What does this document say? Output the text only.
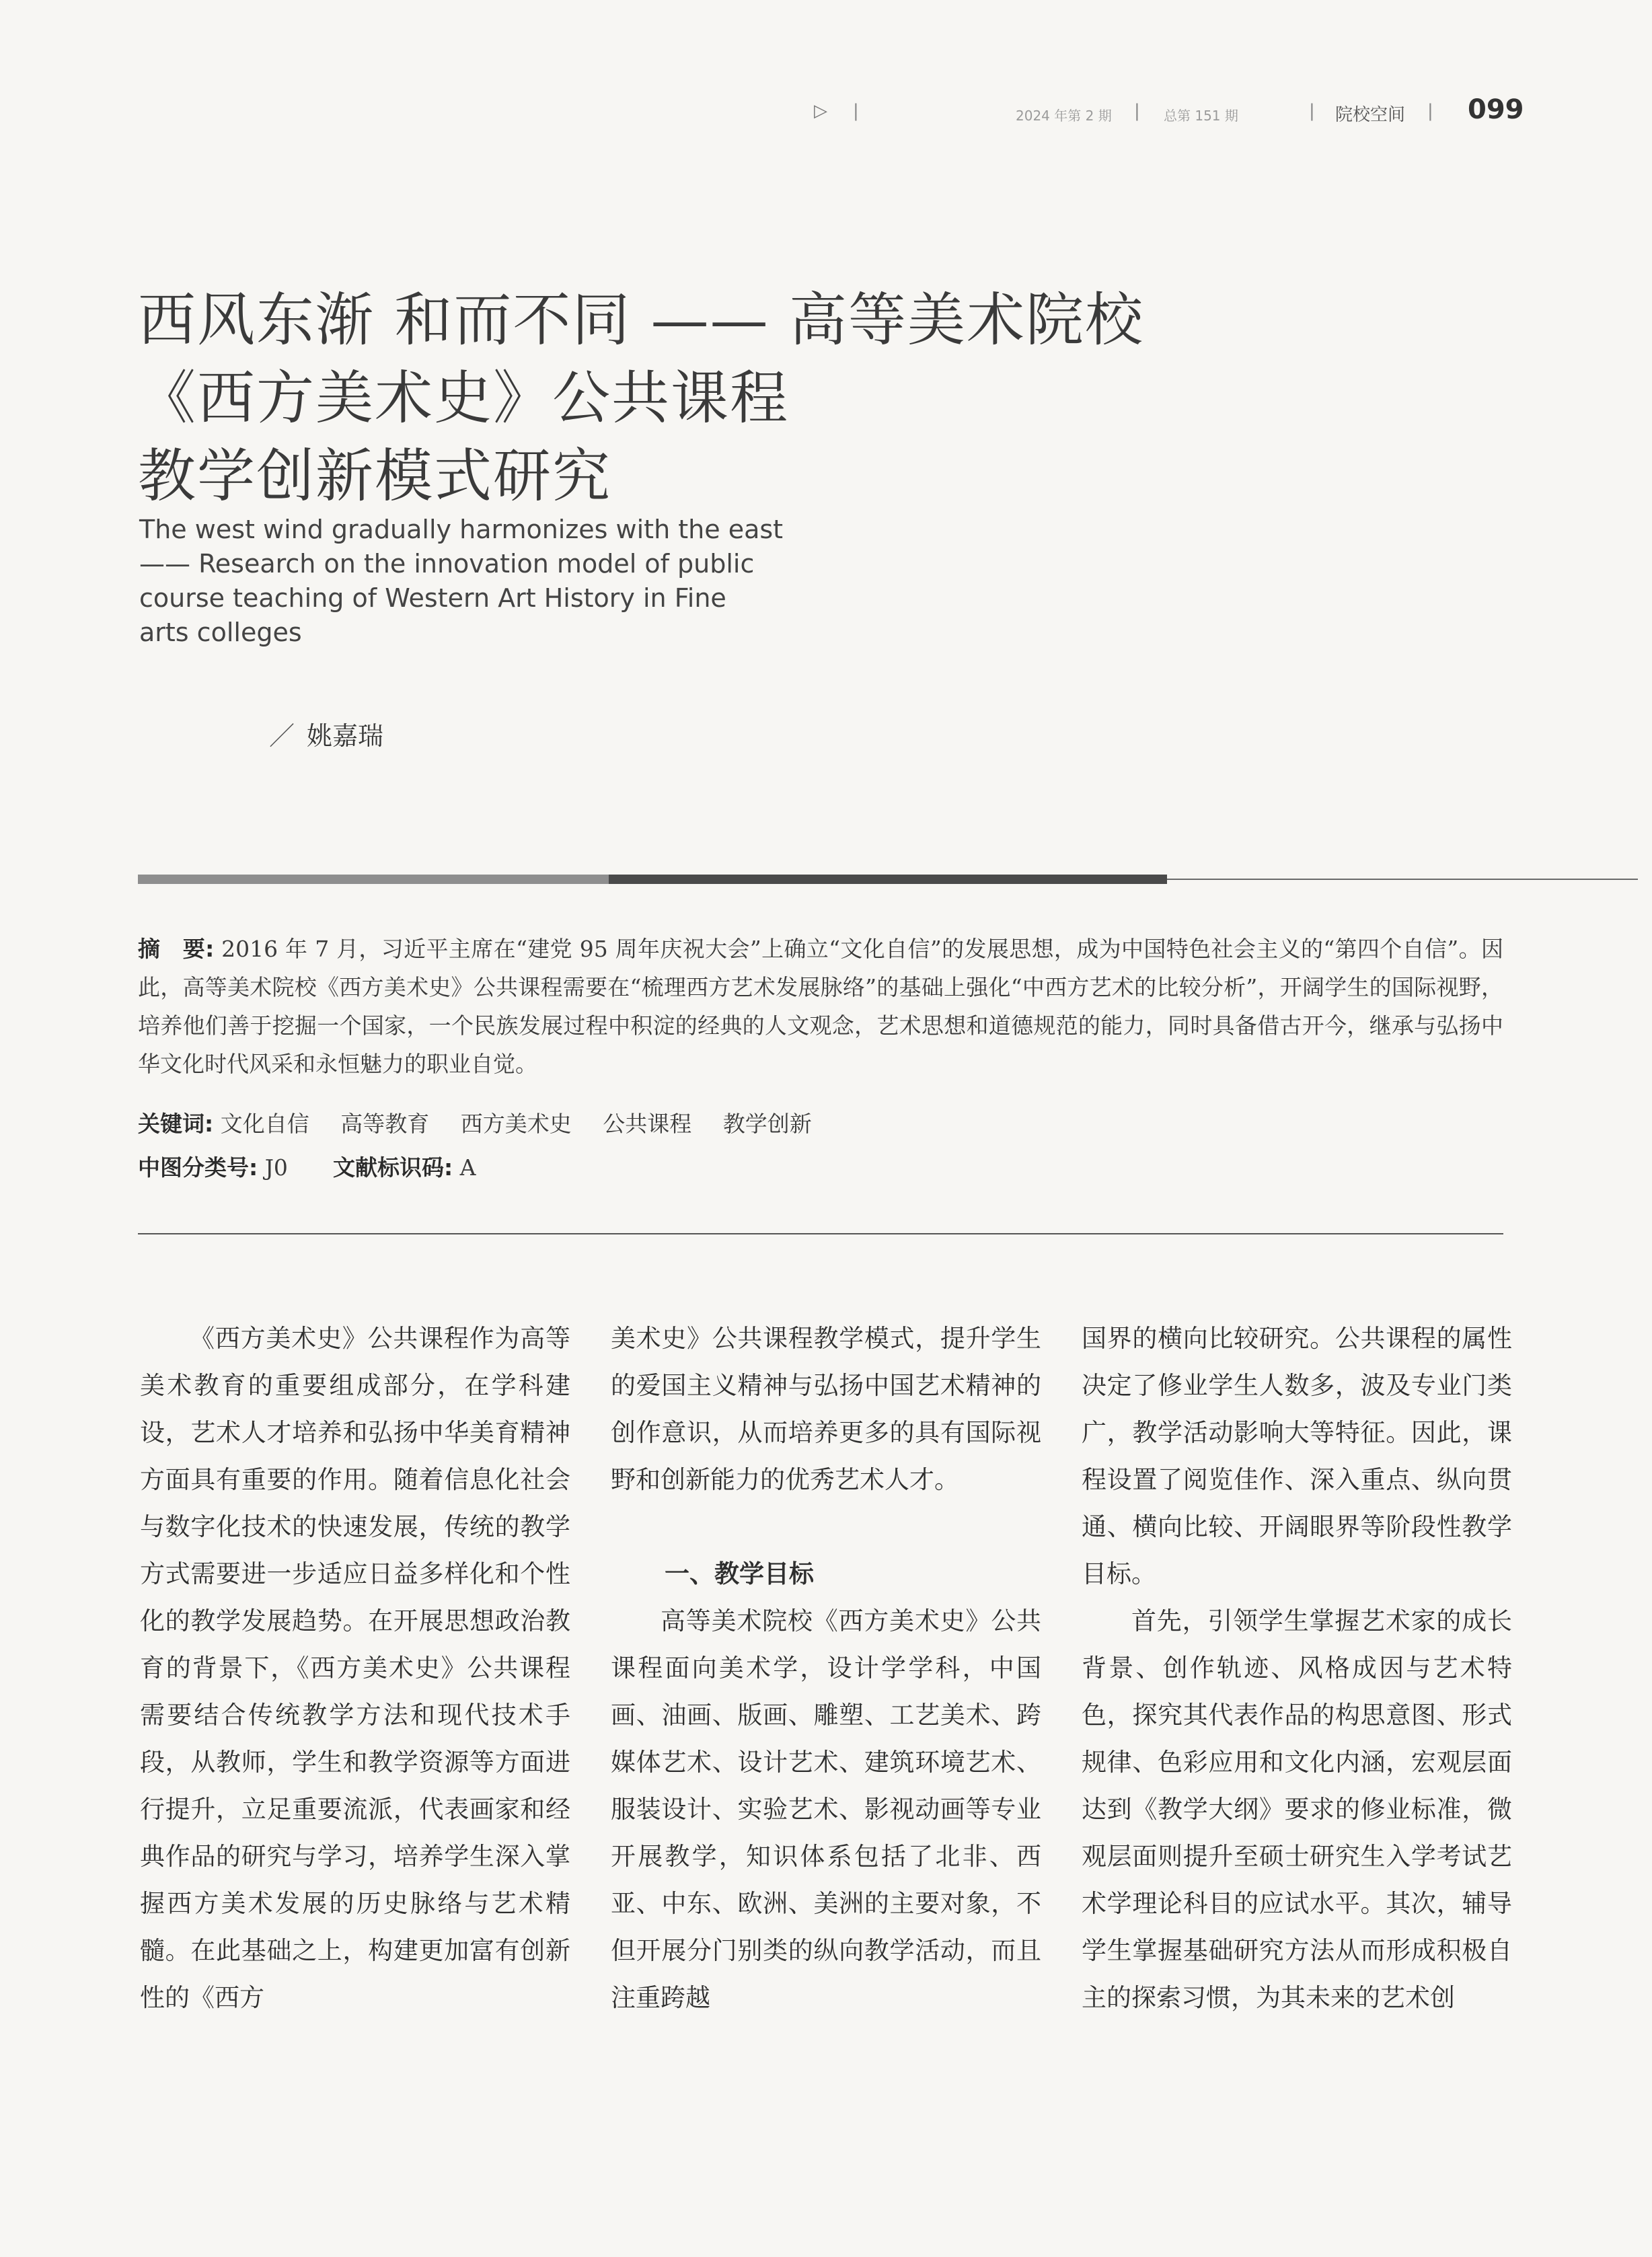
▷ |	2024 年第 2 期 | 总第 151 期	| 院校空间 | 099
西风东渐 和而不同 —— 高等美术院校
《西方美术史》公共课程
教学创新模式研究
The west wind gradually harmonizes with the east
—— Research on the innovation model of public
course teaching of Western Art History in Fine
arts colleges
／ 姚嘉瑞
摘　要: 2016 年 7 月，习近平主席在“建党 95 周年庆祝大会”上确立“文化自信”的发展思想，成为中国特色社会主义的“第四个自信”。因此，高等美术院校《西方美术史》公共课程需要在“梳理西方艺术发展脉络”的基础上强化“中西方艺术的比较分析”，开阔学生的国际视野，培养他们善于挖掘一个国家，一个民族发展过程中积淀的经典的人文观念，艺术思想和道德规范的能力，同时具备借古开今，继承与弘扬中华文化时代风采和永恒魅力的职业自觉。
关键词: 文化自信 高等教育 西方美术史 公共课程 教学创新
中图分类号: J0 文献标识码: A

《西方美术史》公共课程作为高等美术教育的重要组成部分，在学科建设，艺术人才培养和弘扬中华美育精神方面具有重要的作用。随着信息化社会与数字化技术的快速发展，传统的教学方式需要进一步适应日益多样化和个性化的教学发展趋势。在开展思想政治教育的背景下，《西方美术史》公共课程需要结合传统教学方法和现代技术手段，从教师，学生和教学资源等方面进行提升，立足重要流派，代表画家和经典作品的研究与学习，培养学生深入掌握西方美术发展的历史脉络与艺术精髓。在此基础之上，构建更加富有创新性的《西方

美术史》公共课程教学模式，提升学生的爱国主义精神与弘扬中国艺术精神的创作意识，从而培养更多的具有国际视野和创新能力的优秀艺术人才。

一、教学目标

高等美术院校《西方美术史》公共课程面向美术学，设计学学科，中国画、油画、版画、雕塑、工艺美术、跨媒体艺术、设计艺术、建筑环境艺术、服装设计、实验艺术、影视动画等专业开展教学，知识体系包括了北非、西亚、中东、欧洲、美洲的主要对象，不但开展分门别类的纵向教学活动，而且注重跨越

国界的横向比较研究。公共课程的属性决定了修业学生人数多，波及专业门类广，教学活动影响大等特征。因此，课程设置了阅览佳作、深入重点、纵向贯通、横向比较、开阔眼界等阶段性教学目标。

首先，引领学生掌握艺术家的成长背景、创作轨迹、风格成因与艺术特色，探究其代表作品的构思意图、形式规律、色彩应用和文化内涵，宏观层面达到《教学大纲》要求的修业标准，微观层面则提升至硕士研究生入学考试艺术学理论科目的应试水平。其次，辅导学生掌握基础研究方法从而形成积极自主的探索习惯，为其未来的艺术创
